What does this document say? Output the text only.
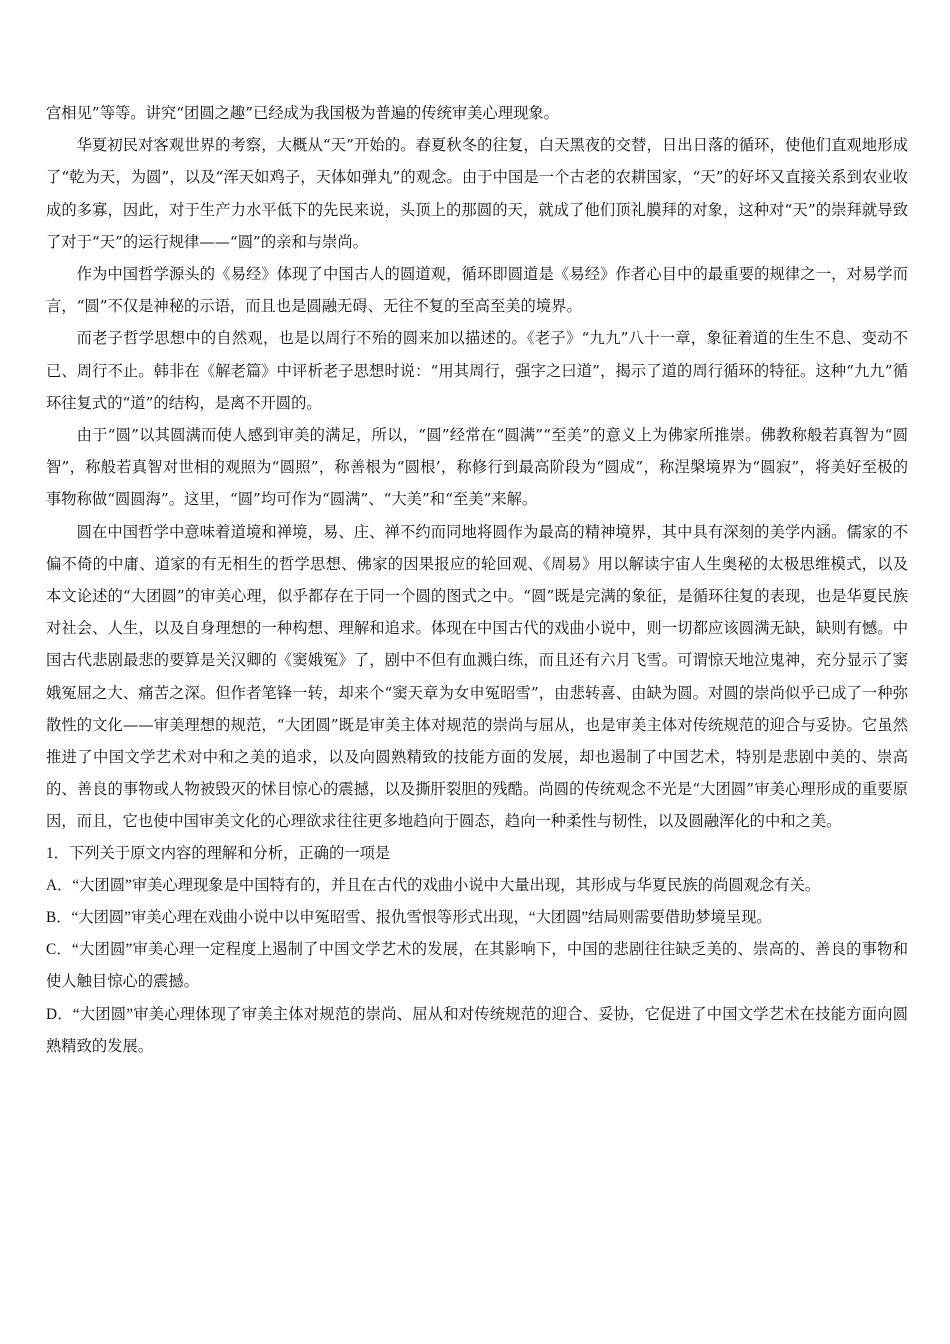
宫相见”等等。讲究“团圆之趣”已经成为我国极为普遍的传统审美心理现象。

华夏初民对客观世界的考察，大概从“天”开始的。春夏秋冬的往复，白天黑夜的交替，日出日落的循环，使他们直观地形成了“乾为天，为圆”，以及“浑天如鸡子，天体如弹丸”的观念。由于中国是一个古老的农耕国家，“天”的好坏又直接关系到农业收成的多寡，因此，对于生产力水平低下的先民来说，头顶上的那圆的天，就成了他们顶礼膜拜的对象，这种对“天”的崇拜就导致了对于“天”的运行规律——“圆”的亲和与崇尚。

作为中国哲学源头的《易经》体现了中国古人的圆道观，循环即圆道是《易经》作者心目中的最重要的规律之一，对易学而言，“圆”不仅是神秘的示语，而且也是圆融无碍、无往不复的至高至美的境界。

而老子哲学思想中的自然观，也是以周行不殆的圆来加以描述的。《老子》“九九”八十一章，象征着道的生生不息、变动不已、周行不止。韩非在《解老篇》中评析老子思想时说：“用其周行，强字之曰道”，揭示了道的周行循环的特征。这种“九九”循环往复式的“道”的结构，是离不开圆的。

由于“圆”以其圆满而使人感到审美的满足，所以，“圆”经常在“圆满”“至美”的意义上为佛家所推崇。佛教称般若真智为“圆智”，称般若真智对世相的观照为“圆照”，称善根为“圆根’，称修行到最高阶段为“圆成”，称涅槃境界为“圆寂”，将美好至极的事物称做“圆圆海”。这里，“圆”均可作为“圆满”、“大美”和“至美”来解。

圆在中国哲学中意味着道境和禅境，易、庄、禅不约而同地将圆作为最高的精神境界，其中具有深刻的美学内涵。儒家的不偏不倚的中庸、道家的有无相生的哲学思想、佛家的因果报应的轮回观、《周易》用以解读宇宙人生奥秘的太极思维模式，以及本文论述的“大团圆”的审美心理，似乎都存在于同一个圆的图式之中。“圆”既是完满的象征，是循环往复的表现，也是华夏民族对社会、人生，以及自身理想的一种构想、理解和追求。体现在中国古代的戏曲小说中，则一切都应该圆满无缺，缺则有憾。中国古代悲剧最悲的要算是关汉卿的《窦娥冤》了，剧中不但有血溅白练，而且还有六月飞雪。可谓惊天地泣鬼神，充分显示了窦娥冤屈之大、痛苦之深。但作者笔锋一转，却来个“窦天章为女申冤昭雪”，由悲转喜、由缺为圆。对圆的崇尚似乎已成了一种弥散性的文化——审美理想的规范，“大团圆”既是审美主体对规范的崇尚与屈从，也是审美主体对传统规范的迎合与妥协。它虽然推进了中国文学艺术对中和之美的追求，以及向圆熟精致的技能方面的发展，却也遏制了中国艺术，特别是悲剧中美的、崇高的、善良的事物或人物被毁灭的怵目惊心的震撼，以及撕肝裂胆的残酷。尚圆的传统观念不光是“大团圆”审美心理形成的重要原因，而且，它也使中国审美文化的心理欲求往往更多地趋向于圆态，趋向一种柔性与韧性，以及圆融浑化的中和之美。

1．下列关于原文内容的理解和分析，正确的一项是

A．“大团圆”审美心理现象是中国特有的，并且在古代的戏曲小说中大量出现，其形成与华夏民族的尚圆观念有关。

B．“大团圆”审美心理在戏曲小说中以申冤昭雪、报仇雪恨等形式出现，“大团圆”结局则需要借助梦境呈现。

C．“大团圆”审美心理一定程度上遏制了中国文学艺术的发展，在其影响下，中国的悲剧往往缺乏美的、崇高的、善良的事物和使人触目惊心的震撼。

D．“大团圆”审美心理体现了审美主体对规范的崇尚、屈从和对传统规范的迎合、妥协，它促进了中国文学艺术在技能方面向圆熟精致的发展。
